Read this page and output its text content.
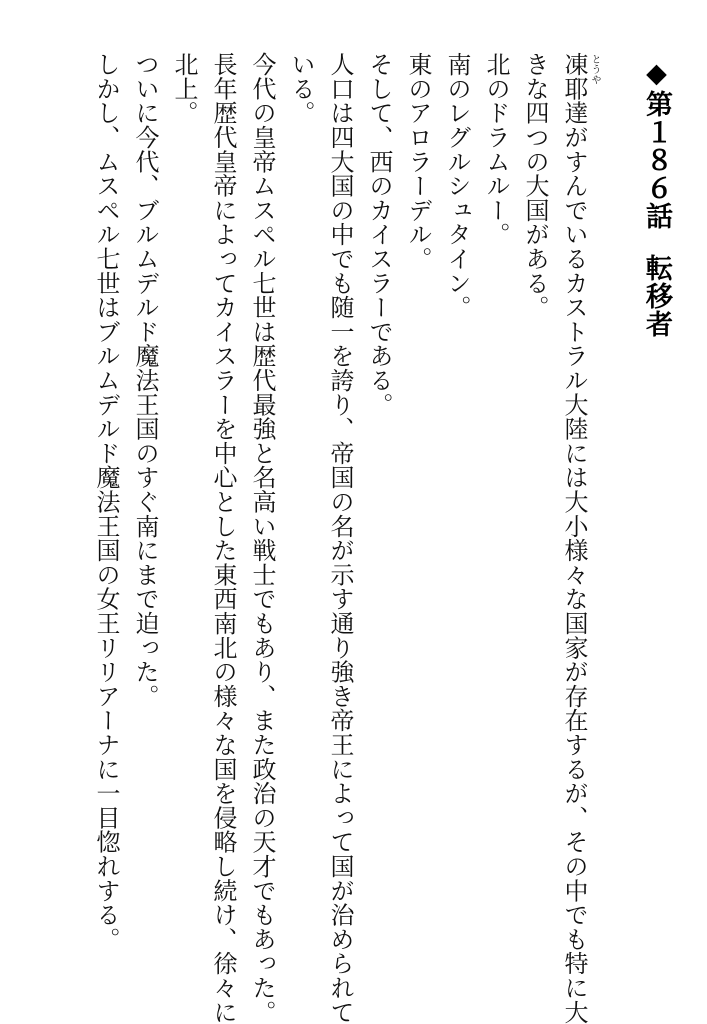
◆第１８６話転移者
凍耶 とうや
達がすんでいるカストラル大陸には大小様々な国家が存在するが、その中でも特に大
きな四つの大国がある。
北のドラムルー。
南のレグルシュタイン。
東のアロラーデル。
そして、西のカイスラーである。
人口は四大国の中でも随一を誇り、帝国の名が示す通り強き帝王によって国が治められて
いる。
今代の皇帝ムスペル七世は歴代最強と名高い戦士でもあり、また政治の天才でもあった。
長年歴代皇帝によってカイスラーを中心とした東西南北の様々な国を侵略し続け、徐々に
北上。
ついに今代、ブルムデルド魔法王国のすぐ南にまで迫った。
しかし、ムスペル七世はブルムデルド魔法王国の女王リリアーナに一目惚れする。
